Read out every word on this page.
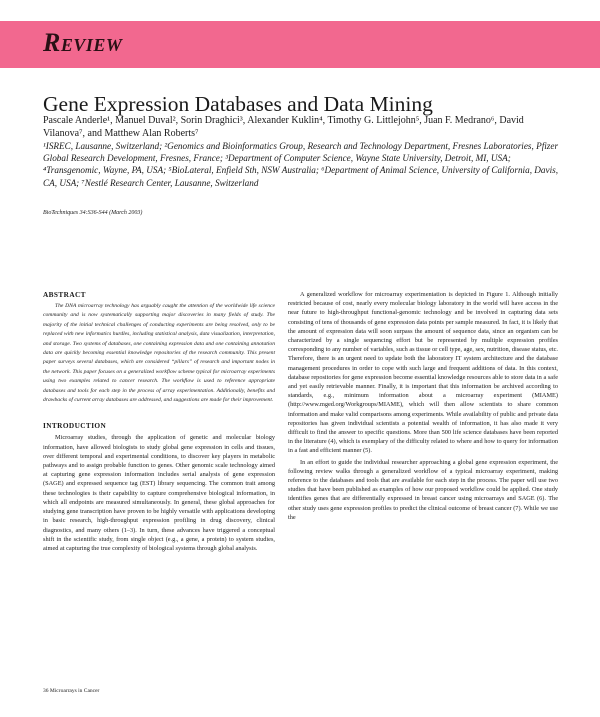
Review
Gene Expression Databases and Data Mining

Pascale Anderle¹, Manuel Duval², Sorin Draghici³, Alexander Kuklin⁴, Timothy G. Littlejohn⁵, Juan F. Medrano⁶, David Vilanova⁷, and Matthew Alan Roberts⁷

¹ISREC, Lausanne, Switzerland; ²Genomics and Bioinformatics Group, Research and Technology Department, Fresnes Laboratories, Pfizer Global Research Development, Fresnes, France; ³Department of Computer Science, Wayne State University, Detroit, MI, USA; ⁴Transgenomic, Wayne, PA, USA; ⁵BioLateral, Enfield Sth, NSW Australia; ⁶Department of Animal Science, University of California, Davis, CA, USA; ⁷Nestlé Research Center, Lausanne, Switzerland

BioTechniques 34:S36-S44 (March 2003)

ABSTRACT

The DNA microarray technology has arguably caught the attention of the worldwide life science community and is now systematically supporting major discoveries in many fields of study. The majority of the initial technical challenges of conducting experiments are being resolved, only to be replaced with new informatics hurdles, including statistical analysis, data visualization, interpretation, and storage. Two systems of databases, one containing expression data and one containing annotation data are quickly becoming essential knowledge repositories of the research community. This present paper surveys several databases, which are considered “pillars” of research and important nodes in the network. This paper focuses on a generalized workflow scheme typical for microarray experiments using two examples related to cancer research. The workflow is used to reference appropriate databases and tools for each step in the process of array experimentation. Additionally, benefits and drawbacks of current array databases are addressed, and suggestions are made for their improvement.

INTRODUCTION

Microarray studies, through the application of genetic and molecular biology information, have allowed biologists to study global gene expression in cells and tissues, over different temporal and experimental conditions, to discover key players in metabolic pathways and to assign probable function to genes. Other genomic scale technology aimed at capturing gene expression information includes serial analysis of gene expression (SAGE) and expressed sequence tag (EST) library sequencing. The common trait among these technologies is their capability to capture comprehensive biological information, in which all endpoints are measured simultaneously. In general, these global approaches for studying gene transcription have proven to be highly versatile with applications developing in basic research, high-throughput expression profiling in drug discovery, clinical diagnostics, and many others (1–3). In turn, these advances have triggered a conceptual shift in the scientific study, from single object (e.g., a gene, a protein) to system studies, aimed at capturing the true complexity of biological systems through global analysis.

A generalized workflow for microarray experimentation is depicted in Figure 1. Although initially restricted because of cost, nearly every molecular biology laboratory in the world will have access in the near future to high-throughput functional-genomic technology and be involved in capturing data sets consisting of tens of thousands of gene expression data points per sample measured. In fact, it is likely that the amount of expression data will soon surpass the amount of sequence data, since an organism can be characterized by a single sequencing effort but be represented by multiple expression profiles corresponding to any number of variables, such as tissue or cell type, age, sex, nutrition, disease status, etc. Therefore, there is an urgent need to update both the laboratory IT system architecture and the database management procedures in order to cope with such large and frequent additions of data. In this context, database repositories for gene expression become essential knowledge resources able to store data in a safe and yet easily retrievable manner. Finally, it is important that this information be archived according to standards, e.g., minimum information about a microarray experiment (MIAME) (http://www.mged.org/Workgroups/MIAME), which will then allow scientists to share common information and make valid comparisons among experiments. While availability of public and private data repositories has given individual scientists a potential wealth of information, it has also made it very difficult to find the answer to specific questions. More than 500 life science databases have been reported in the literature (4), which is exemplary of the difficulty related to where and how to query for information in a fast and efficient manner (5).

In an effort to guide the individual researcher approaching a global gene expression experiment, the following review walks through a generalized workflow of a typical microarray experiment, making reference to the databases and tools that are available for each step in the process. The paper will use two studies that have been published as examples of how our proposed workflow could be applied. One study identifies genes that are differentially expressed in breast cancer using microarrays and SAGE (6). The other study uses gene expression profiles to predict the clinical outcome of breast cancer (7). While we use the

36 Microarrays in Cancer
